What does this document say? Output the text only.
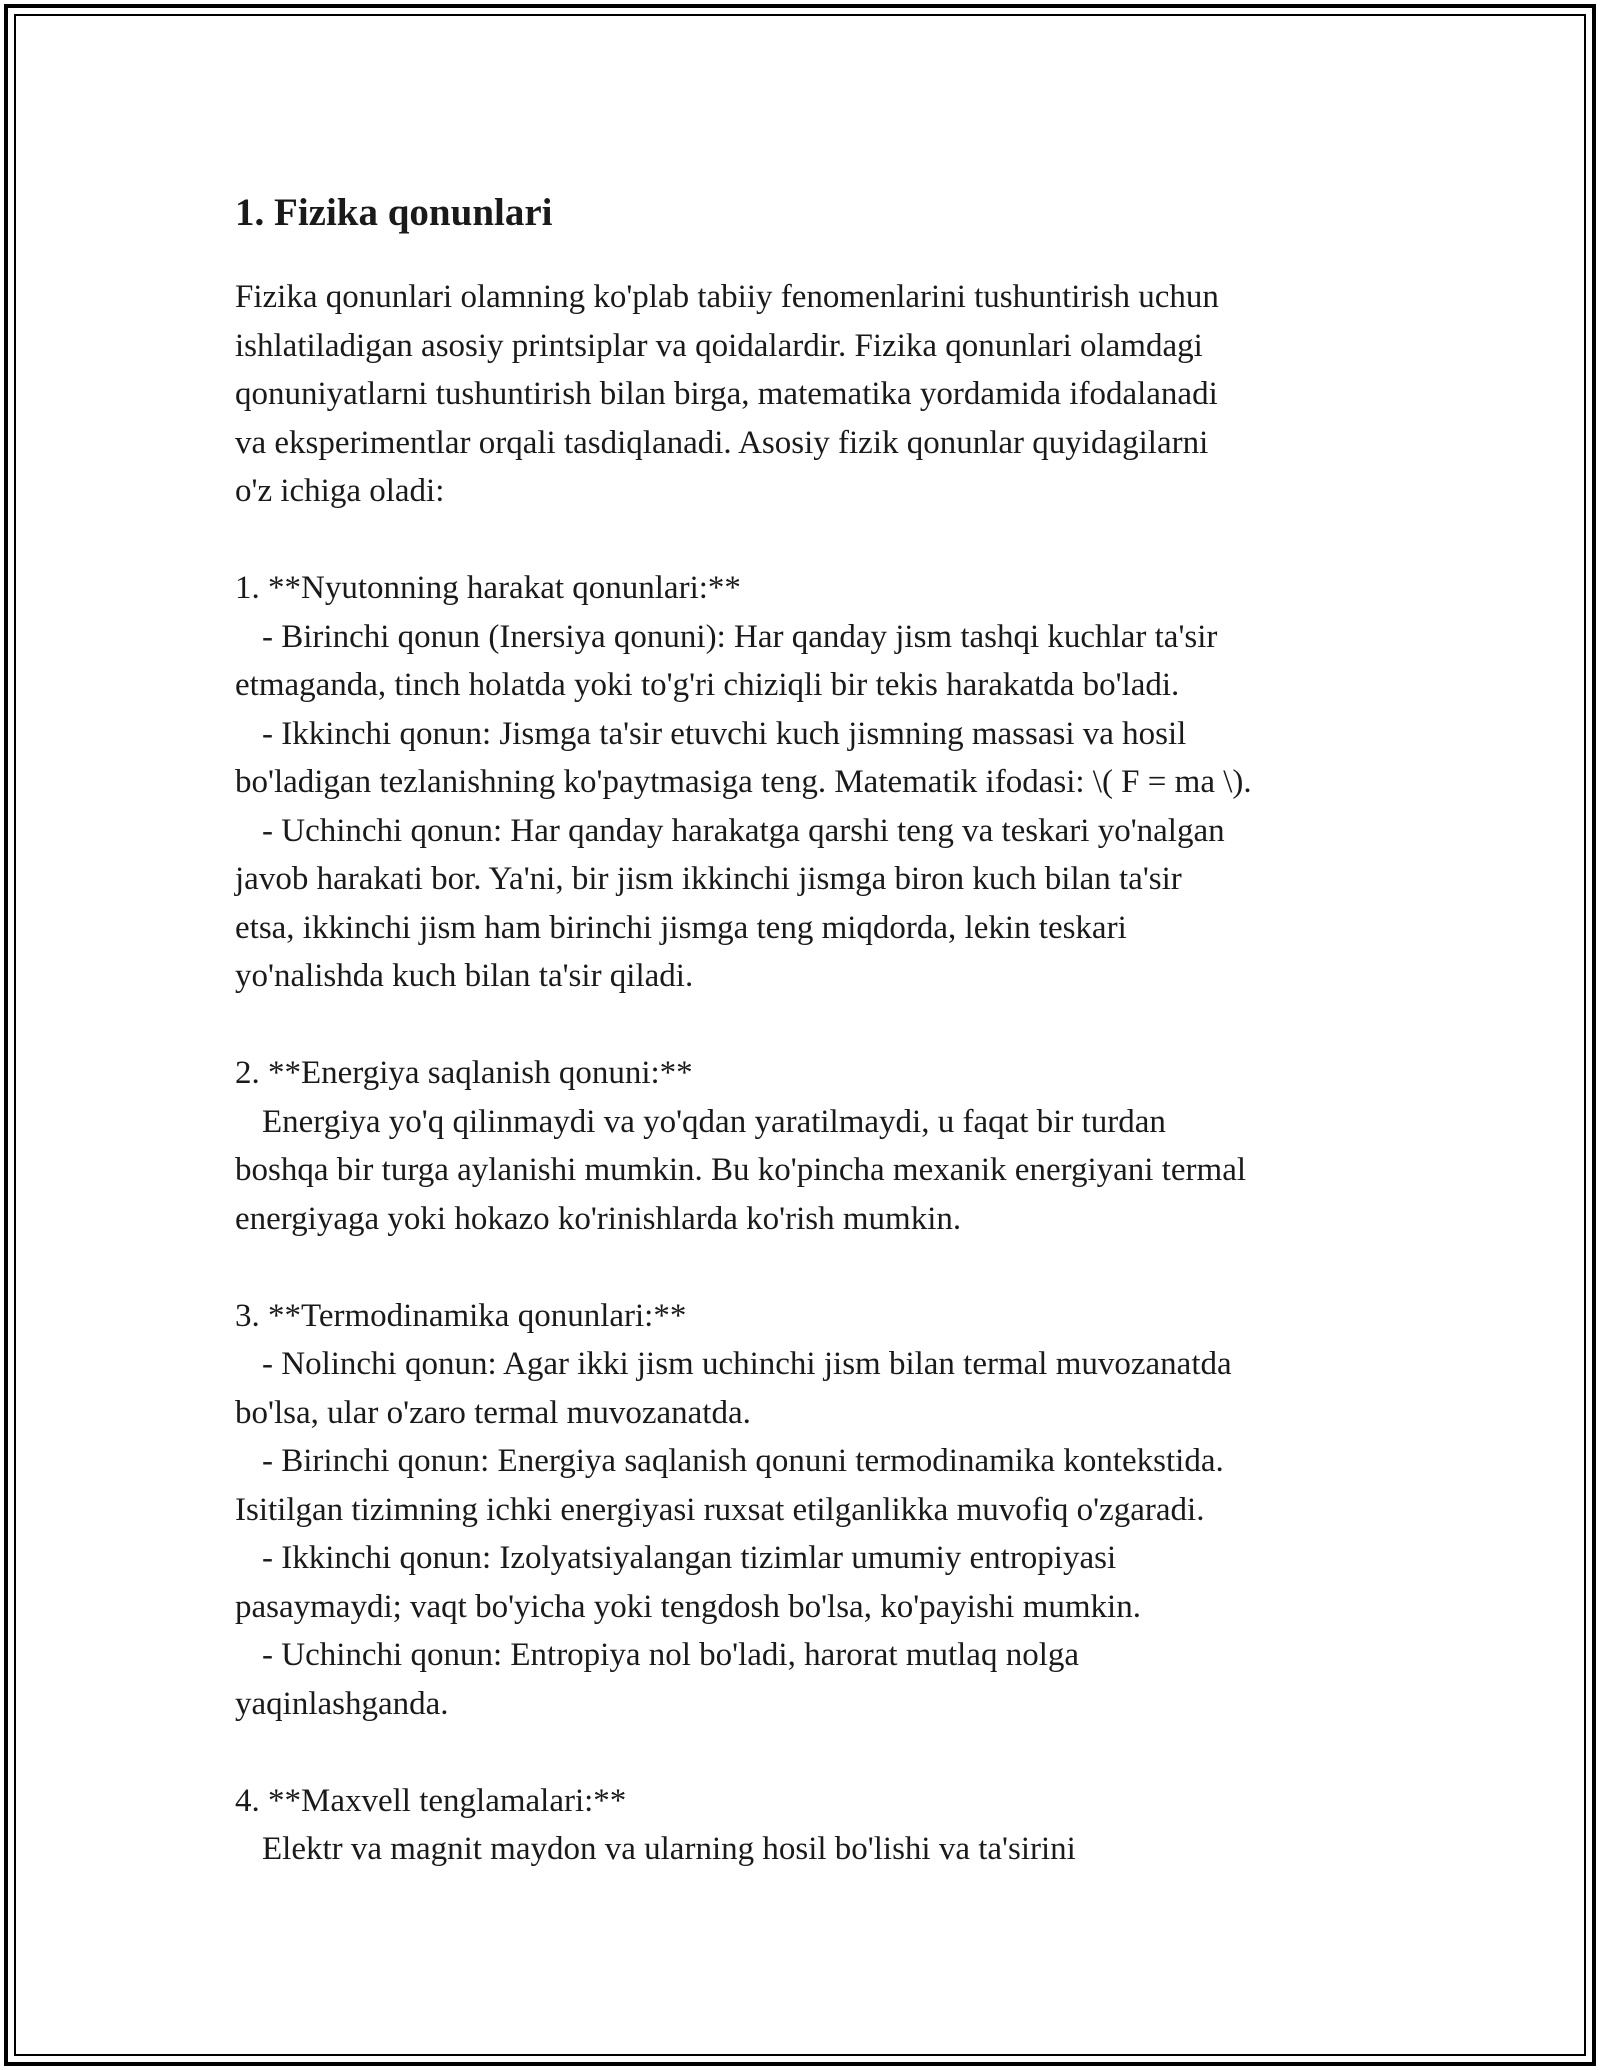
1. Fizika qonunlari
Fizika qonunlari olamning ko'plab tabiiy fenomenlarini tushuntirish uchun
ishlatiladigan asosiy printsiplar va qoidalardir. Fizika qonunlari olamdagi
qonuniyatlarni tushuntirish bilan birga, matematika yordamida ifodalanadi
va eksperimentlar orqali tasdiqlanadi. Asosiy fizik qonunlar quyidagilarni
o'z ichiga oladi:
1. **Nyutonning harakat qonunlari:**
- Birinchi qonun (Inersiya qonuni): Har qanday jism tashqi kuchlar ta'sir
etmaganda, tinch holatda yoki to'g'ri chiziqli bir tekis harakatda bo'ladi.
- Ikkinchi qonun: Jismga ta'sir etuvchi kuch jismning massasi va hosil
bo'ladigan tezlanishning ko'paytmasiga teng. Matematik ifodasi: \( F = ma \).
- Uchinchi qonun: Har qanday harakatga qarshi teng va teskari yo'nalgan
javob harakati bor. Ya'ni, bir jism ikkinchi jismga biron kuch bilan ta'sir
etsa, ikkinchi jism ham birinchi jismga teng miqdorda, lekin teskari
yo'nalishda kuch bilan ta'sir qiladi.
2. **Energiya saqlanish qonuni:**
Energiya yo'q qilinmaydi va yo'qdan yaratilmaydi, u faqat bir turdan
boshqa bir turga aylanishi mumkin. Bu ko'pincha mexanik energiyani termal
energiyaga yoki hokazo ko'rinishlarda ko'rish mumkin.
3. **Termodinamika qonunlari:**
- Nolinchi qonun: Agar ikki jism uchinchi jism bilan termal muvozanatda
bo'lsa, ular o'zaro termal muvozanatda.
- Birinchi qonun: Energiya saqlanish qonuni termodinamika kontekstida.
Isitilgan tizimning ichki energiyasi ruxsat etilganlikka muvofiq o'zgaradi.
- Ikkinchi qonun: Izolyatsiyalangan tizimlar umumiy entropiyasi
pasaymaydi; vaqt bo'yicha yoki tengdosh bo'lsa, ko'payishi mumkin.
- Uchinchi qonun: Entropiya nol bo'ladi, harorat mutlaq nolga
yaqinlashganda.
4. **Maxvell tenglamalari:**
Elektr va magnit maydon va ularning hosil bo'lishi va ta'sirini
